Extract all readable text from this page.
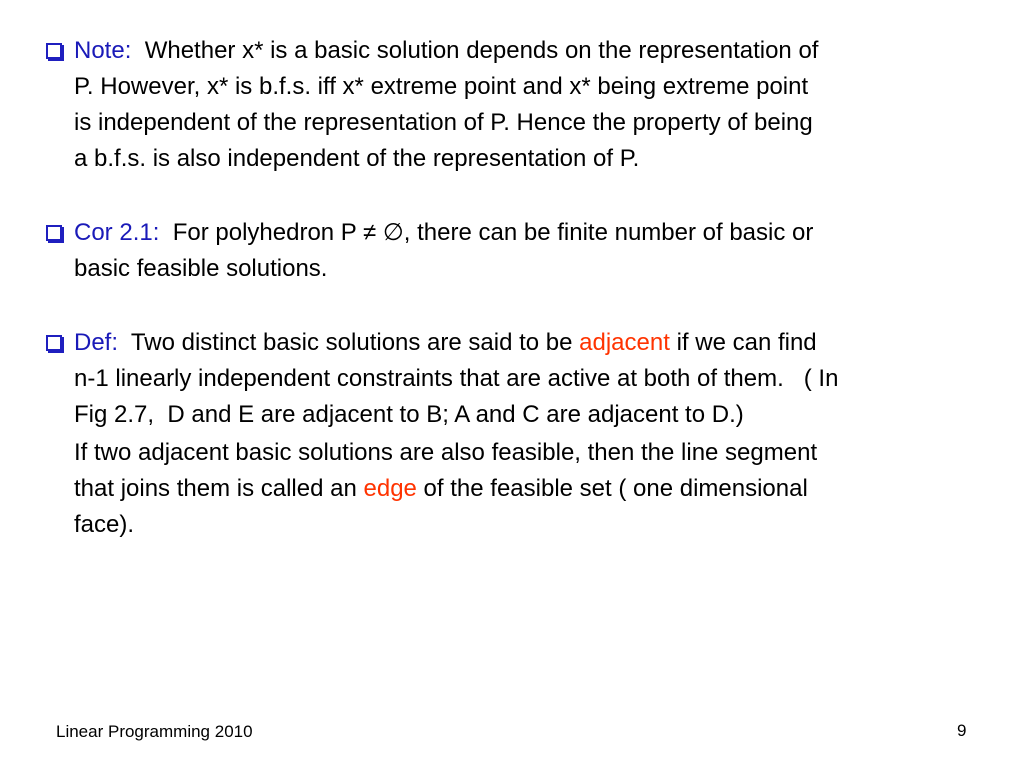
Note:  Whether x* is a basic solution depends on the representation of
P. However, x* is b.f.s. iff x* extreme point and x* being extreme point
is independent of the representation of P. Hence the property of being
a b.f.s. is also independent of the representation of P.
Cor 2.1:  For polyhedron P ≠ ∅, there can be finite number of basic or
basic feasible solutions.
Def:  Two distinct basic solutions are said to be adjacent if we can find
n-1 linearly independent constraints that are active at both of them.   ( In
Fig 2.7,  D and E are adjacent to B; A and C are adjacent to D.)
If two adjacent basic solutions are also feasible, then the line segment
that joins them is called an edge of the feasible set ( one dimensional
face).
Linear Programming 2010	9
